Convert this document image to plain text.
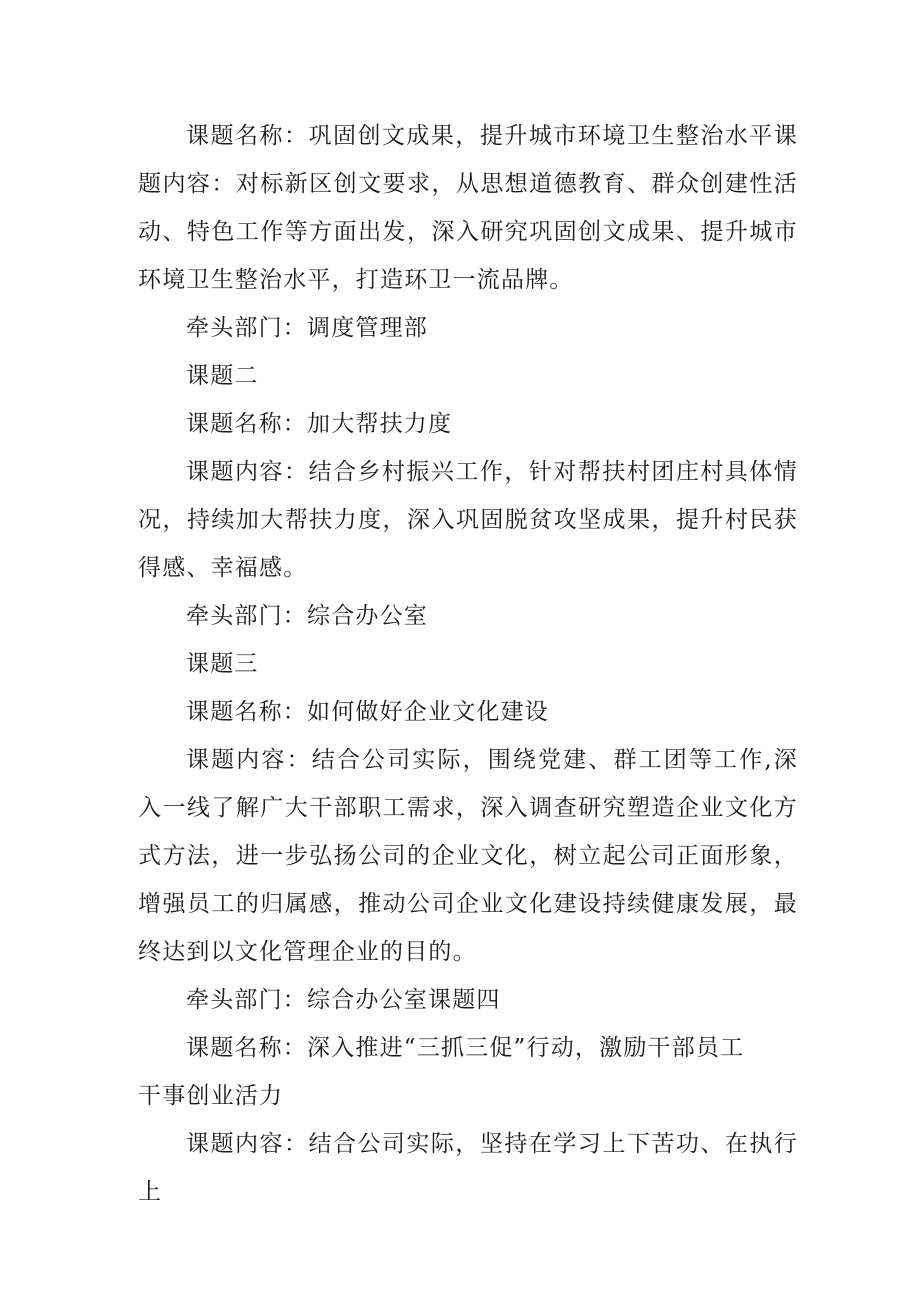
课题名称：巩固创文成果，提升城市环境卫生整治水平课题内容：对标新区创文要求，从思想道德教育、群众创建性活动、特色工作等方面出发，深入研究巩固创文成果、提升城市环境卫生整治水平，打造环卫一流品牌。

牵头部门：调度管理部

课题二

课题名称：加大帮扶力度

课题内容：结合乡村振兴工作，针对帮扶村团庄村具体情况，持续加大帮扶力度，深入巩固脱贫攻坚成果，提升村民获得感、幸福感。

牵头部门：综合办公室

课题三

课题名称：如何做好企业文化建设

课题内容：结合公司实际，围绕党建、群工团等工作,深入一线了解广大干部职工需求，深入调查研究塑造企业文化方式方法，进一步弘扬公司的企业文化，树立起公司正面形象，增强员工的归属感，推动公司企业文化建设持续健康发展，最终达到以文化管理企业的目的。

牵头部门：综合办公室课题四

课题名称：深入推进“三抓三促”行动，激励干部员工

干事创业活力

课题内容：结合公司实际，坚持在学习上下苦功、在执行上
